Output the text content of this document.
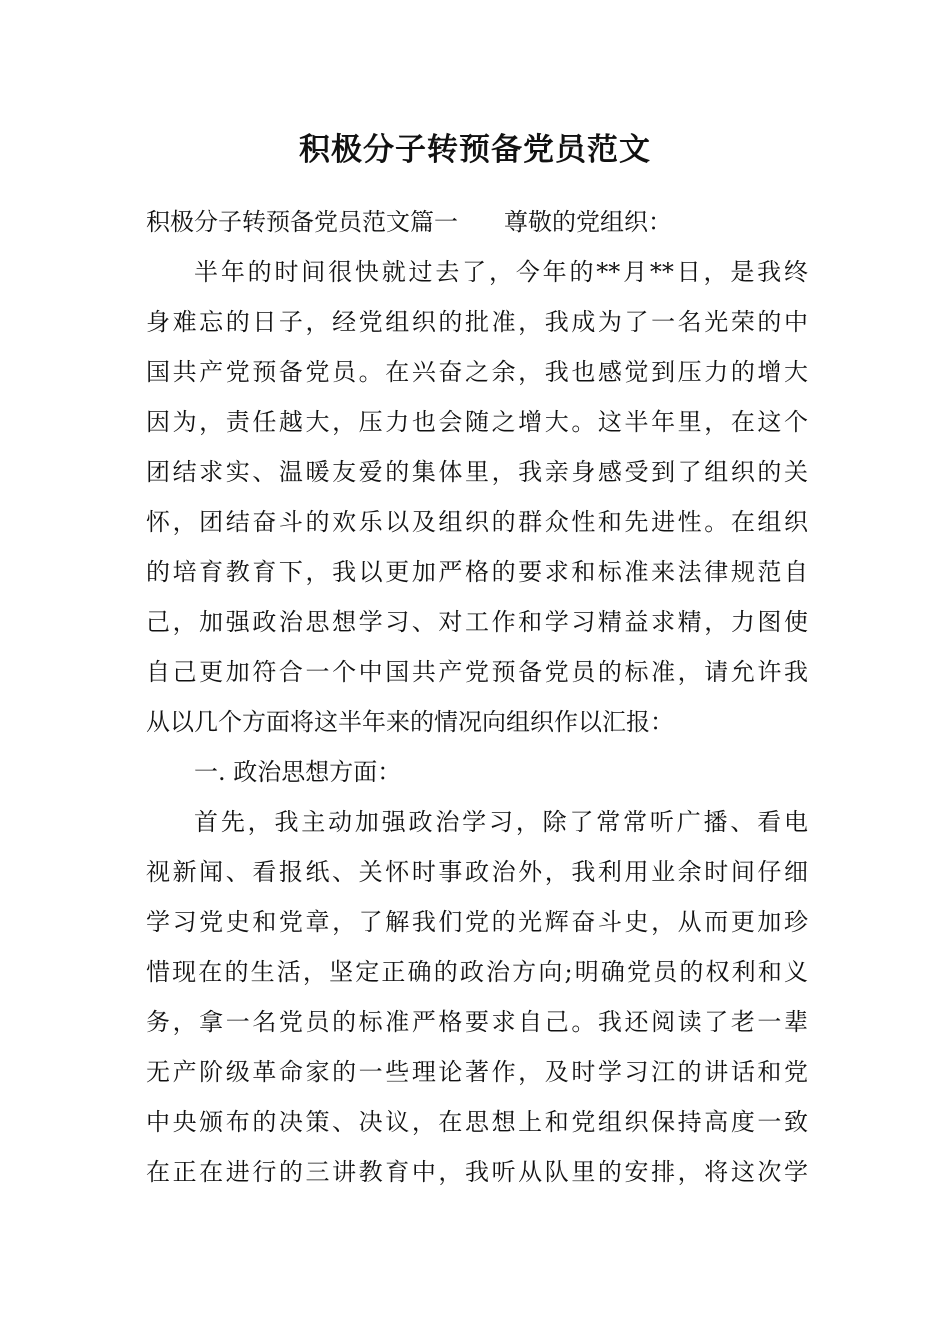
积极分子转预备党员范文
积极分子转预备党员范文篇一 尊敬的党组织：
半年的时间很快就过去了，今年的**月**日，是我终
身难忘的日子，经党组织的批准，我成为了一名光荣的中
国共产党预备党员。在兴奋之余，我也感觉到压力的增大
因为，责任越大，压力也会随之增大。这半年里，在这个
团结求实、温暖友爱的集体里，我亲身感受到了组织的关
怀，团结奋斗的欢乐以及组织的群众性和先进性。在组织
的培育教育下，我以更加严格的要求和标准来法律规范自
己，加强政治思想学习、对工作和学习精益求精，力图使
自己更加符合一个中国共产党预备党员的标准，请允许我
从以几个方面将这半年来的情况向组织作以汇报：
一. 政治思想方面：
首先，我主动加强政治学习，除了常常听广播、看电
视新闻、看报纸、关怀时事政治外，我利用业余时间仔细
学习党史和党章，了解我们党的光辉奋斗史，从而更加珍
惜现在的生活，坚定正确的政治方向;明确党员的权利和义
务，拿一名党员的标准严格要求自己。我还阅读了老一辈
无产阶级革命家的一些理论著作，及时学习江的讲话和党
中央颁布的决策、决议，在思想上和党组织保持高度一致
在正在进行的三讲教育中，我听从队里的安排，将这次学
